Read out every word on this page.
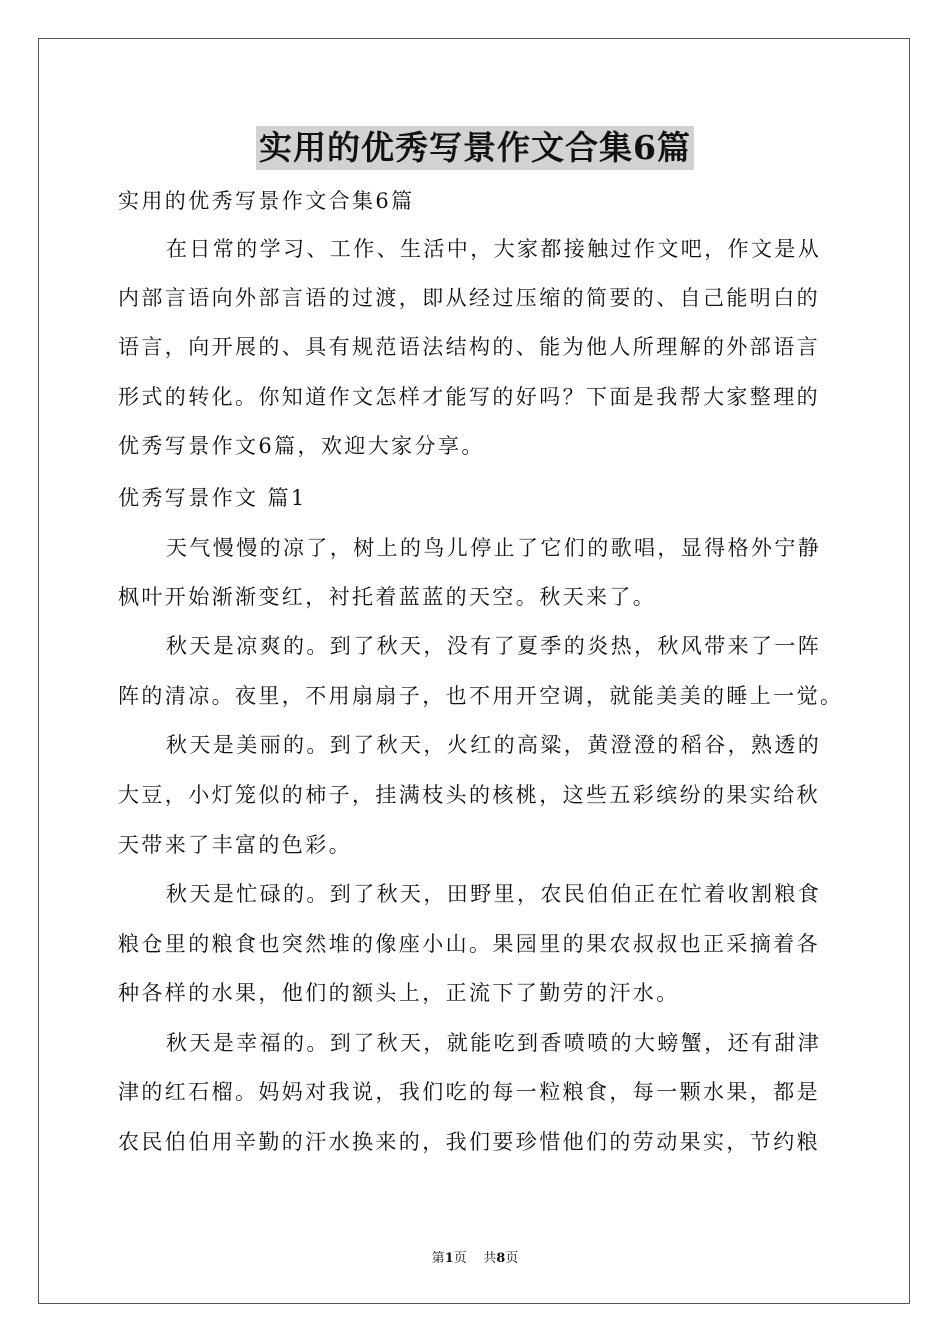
实用的优秀写景作文合集6篇
实用的优秀写景作文合集6篇
在日常的学习、工作、生活中，大家都接触过作文吧，作文是从
内部言语向外部言语的过渡，即从经过压缩的简要的、自己能明白的
语言，向开展的、具有规范语法结构的、能为他人所理解的外部语言
形式的转化。你知道作文怎样才能写的好吗？下面是我帮大家整理的
优秀写景作文6篇，欢迎大家分享。
优秀写景作文 篇1
天气慢慢的凉了，树上的鸟儿停止了它们的歌唱，显得格外宁静
枫叶开始渐渐变红，衬托着蓝蓝的天空。秋天来了。
秋天是凉爽的。到了秋天，没有了夏季的炎热，秋风带来了一阵
阵的清凉。夜里，不用扇扇子，也不用开空调，就能美美的睡上一觉。
秋天是美丽的。到了秋天，火红的高粱，黄澄澄的稻谷，熟透的
大豆，小灯笼似的柿子，挂满枝头的核桃，这些五彩缤纷的果实给秋
天带来了丰富的色彩。
秋天是忙碌的。到了秋天，田野里，农民伯伯正在忙着收割粮食
粮仓里的粮食也突然堆的像座小山。果园里的果农叔叔也正采摘着各
种各样的水果，他们的额头上，正流下了勤劳的汗水。
秋天是幸福的。到了秋天，就能吃到香喷喷的大螃蟹，还有甜津
津的红石榴。妈妈对我说，我们吃的每一粒粮食，每一颗水果，都是
农民伯伯用辛勤的汗水换来的，我们要珍惜他们的劳动果实，节约粮
第1页    共8页
